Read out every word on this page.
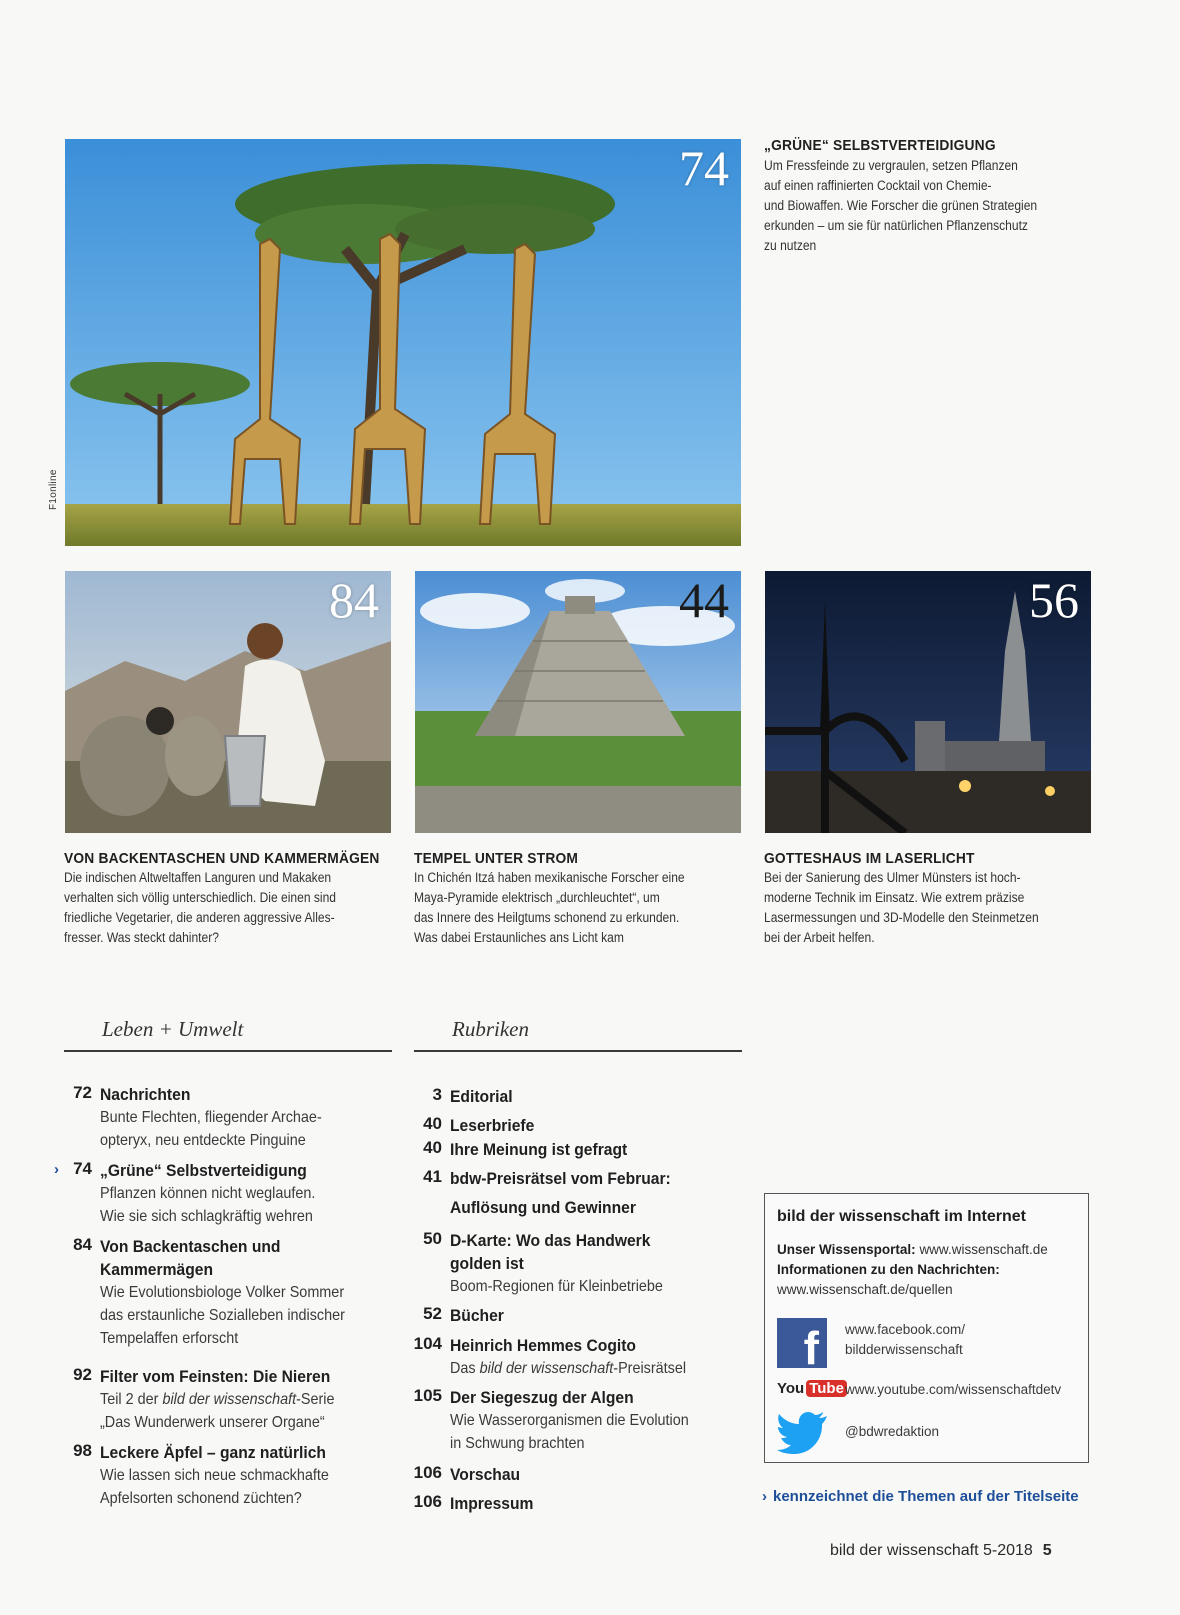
74
F1online
„GRÜNE“ SELBSTVERTEIDIGUNG
Um Fressfeinde zu vergraulen, setzen Pflanzen
auf einen raffinierten Cocktail von Chemie-
und Biowaffen. Wie Forscher die grünen Strategien
erkunden – um sie für natürlichen Pflanzenschutz
zu nutzen
84	44	56
VON BACKENTASCHEN UND KAMMERMÄGEN
Die indischen Altweltaffen Languren und Makaken
verhalten sich völlig unterschiedlich. Die einen sind
friedliche Vegetarier, die anderen aggressive Alles-
fresser. Was steckt dahinter?
TEMPEL UNTER STROM
In Chichén Itzá haben mexikanische Forscher eine
Maya-Pyramide elektrisch „durchleuchtet“, um
das Innere des Heilgtums schonend zu erkunden.
Was dabei Erstaunliches ans Licht kam
GOTTESHAUS IM LASERLICHT
Bei der Sanierung des Ulmer Münsters ist hoch-
moderne Technik im Einsatz. Wie extrem präzise
Lasermessungen und 3D-Modelle den Steinmetzen
bei der Arbeit helfen.
Leben + Umwelt	Rubriken
72 Nachrichten
Bunte Flechten, fliegender Archae-
opteryx, neu entdeckte Pinguine
› 74 „Grüne“ Selbstverteidigung
Pflanzen können nicht weglaufen.
Wie sie sich schlagkräftig wehren
84 Von Backentaschen und
Kammermägen
Wie Evolutionsbiologe Volker Sommer
das erstaunliche Sozialleben indischer
Tempelaffen erforscht
92 Filter vom Feinsten: Die Nieren
Teil 2 der bild der wissenschaft-Serie
„Das Wunderwerk unserer Organe“
98 Leckere Äpfel – ganz natürlich
Wie lassen sich neue schmackhafte
Apfelsorten schonend züchten?
3 Editorial
40 Leserbriefe
40 Ihre Meinung ist gefragt
41 bdw-Preisrätsel vom Februar:
Auflösung und Gewinner
50 D-Karte: Wo das Handwerk
golden ist
Boom-Regionen für Kleinbetriebe
52 Bücher
104 Heinrich Hemmes Cogito
Das bild der wissenschaft-Preisrätsel
105 Der Siegeszug der Algen
Wie Wasserorganismen die Evolution
in Schwung brachten
106 Vorschau
106 Impressum
bild der wissenschaft im Internet
Unser Wissensportal: www.wissenschaft.de
Informationen zu den Nachrichten:
www.wissenschaft.de/quellen
f	www.facebook.com/
bildderwissenschaft
You Tube www.youtube.com/wissenschaftdetv
@bdwredaktion
› kennzeichnet die Themen auf der Titelseite
bild der wissenschaft 5-2018 5
